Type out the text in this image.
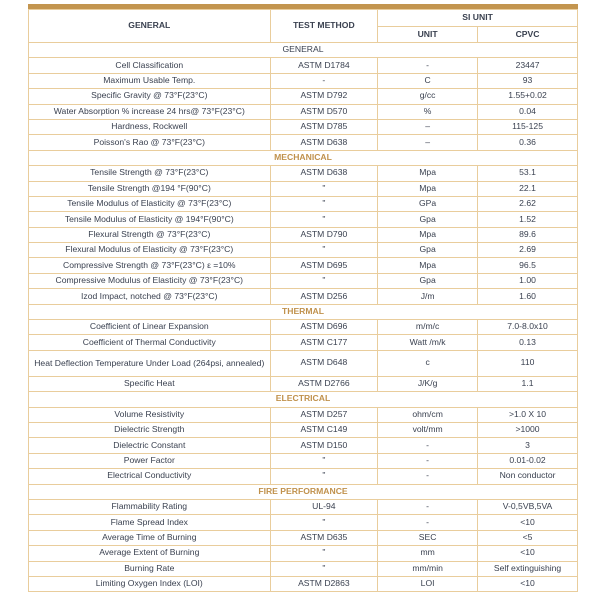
GENERAL	TEST METHOD	SI UNIT	
		UNIT	CPVC
GENERAL			
Cell Classification	ASTM D1784	-	23447
Maximum Usable Temp.	-	C	93
Specific Gravity @ 73°F(23°C)	ASTM D792	g/cc	1.55+0.02
Water Absorption % increase 24 hrs@ 73°F(23°C)	ASTM D570	%	0.04
Hardness, Rockwell	ASTM D785	–	115-125
Poisson's Rao @ 73°F(23°C)	ASTM D638	–	0.36
MECHANICAL			
Tensile Strength @ 73°F(23°C)	ASTM D638	Mpa	53.1
Tensile Strength @194 °F(90°C)	"	Mpa	22.1
Tensile Modulus of Elasticity @ 73°F(23°C)	"	GPa	2.62
Tensile Modulus of Elasticity @ 194°F(90°C)	"	Gpa	1.52
Flexural Strength @ 73°F(23°C)	ASTM D790	Mpa	89.6
Flexural Modulus of Elasticity @ 73°F(23°C)	"	Gpa	2.69
Compressive Strength @ 73°F(23°C) ε =10%	ASTM D695	Mpa	96.5
Compressive Modulus of Elasticity @ 73°F(23°C)	"	Gpa	1.00
Izod Impact, notched @ 73°F(23°C)	ASTM D256	J/m	1.60
THERMAL			
Coefficient of Linear Expansion	ASTM D696	m/m/c	7.0-8.0x10
Coefficient of Thermal Conductivity	ASTM C177	Watt /m/k	0.13
Heat Deflection Temperature Under Load (264psi, annealed)	ASTM D648	c	110
Specific Heat	ASTM D2766	J/K/g	1.1
ELECTRICAL			
Volume Resistivity	ASTM D257	ohm/cm	>1.0 X 10
Dielectric Strength	ASTM C149	volt/mm	>1000
Dielectric Constant	ASTM D150	-	3
Power Factor	"	-	0.01-0.02
Electrical Conductivity	"	-	Non conductor
FIRE PERFORMANCE			
Flammability Rating	UL-94	-	V-0,5VB,5VA
Flame Spread Index	"	-	<10
Average Time of Burning	ASTM D635	SEC	<5
Average Extent of Burning	"	mm	<10
Burning Rate	"	mm/min	Self extinguishing
Limiting Oxygen Index (LOI)	ASTM D2863	LOI	<10
